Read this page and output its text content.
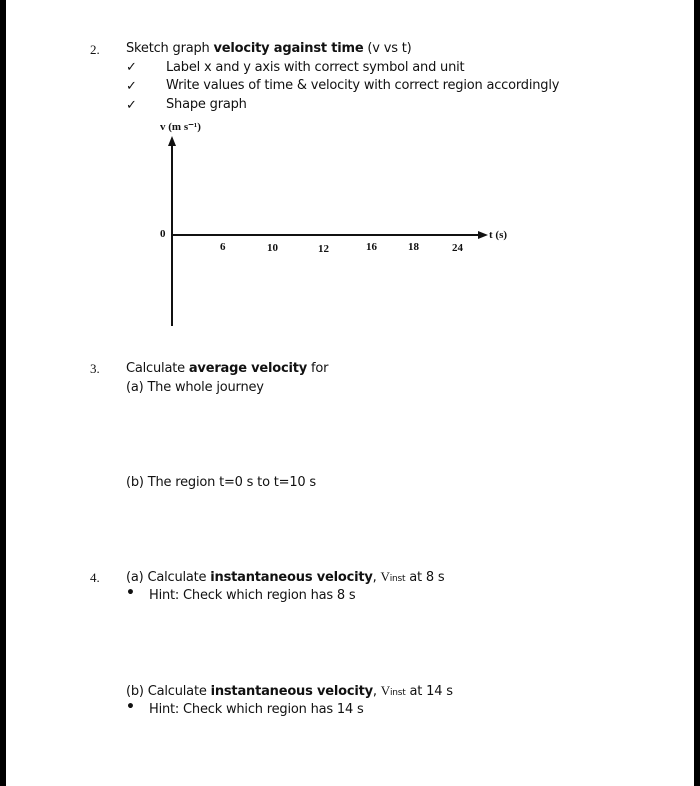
2. Sketch graph velocity against time (v vs t)
✓ Label x and y axis with correct symbol and unit
✓ Write values of time & velocity with correct region accordingly
✓ Shape graph
v (m s⁻¹)
t (s)
0
6	10	12	16	18	24
3. Calculate average velocity for
(a) The whole journey
(b) The region t=0 s to t=10 s
4. (a) Calculate instantaneous velocity, Vinst at 8 s
• Hint: Check which region has 8 s
(b) Calculate instantaneous velocity, Vinst at 14 s
• Hint: Check which region has 14 s
